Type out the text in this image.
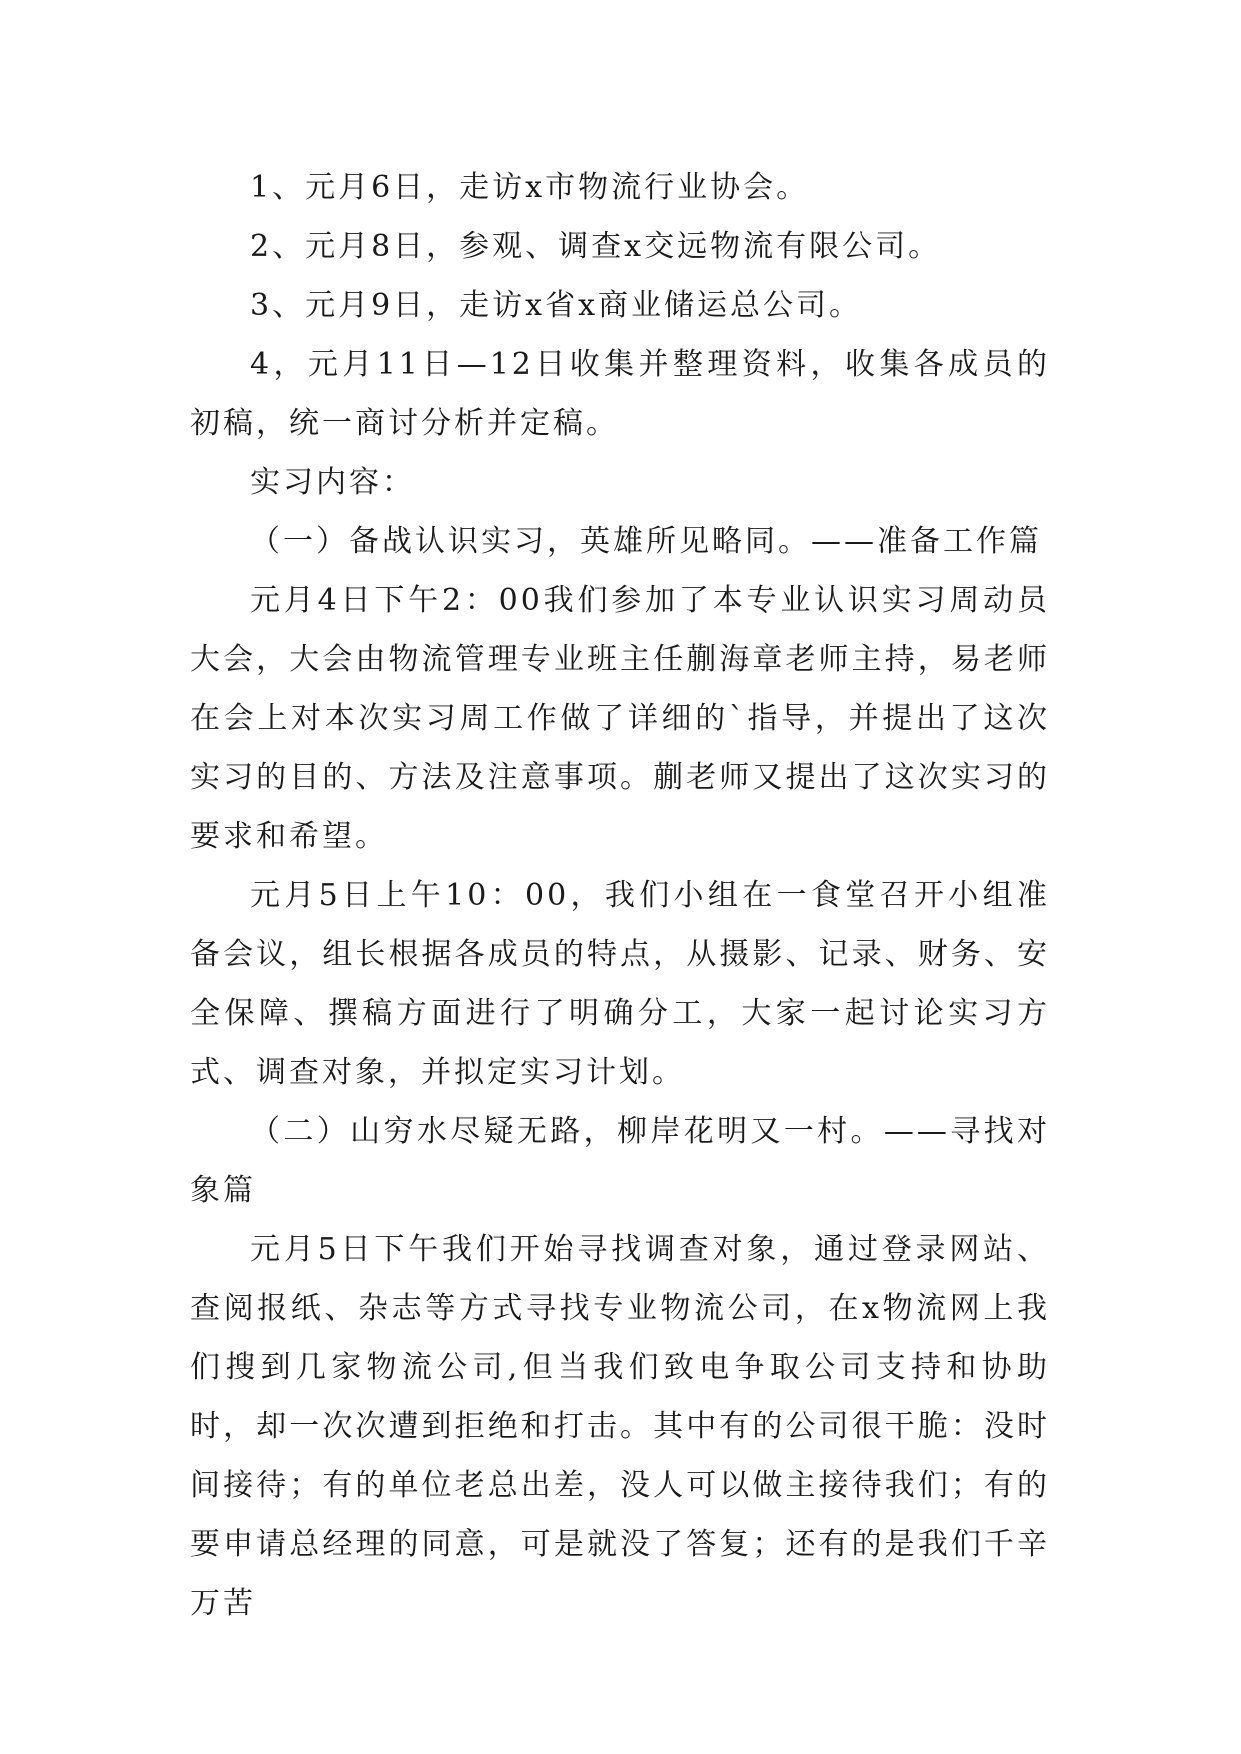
1、元月6日，走访x市物流行业协会。

2、元月8日，参观、调查x交远物流有限公司。

3、元月9日，走访x省x商业储运总公司。

4，元月11日—12日收集并整理资料，收集各成员的初稿，统一商讨分析并定稿。

实习内容：

（一）备战认识实习，英雄所见略同。——准备工作篇

元月4日下午2：00我们参加了本专业认识实习周动员大会，大会由物流管理专业班主任蒯海章老师主持，易老师在会上对本次实习周工作做了详细的`指导，并提出了这次实习的目的、方法及注意事项。蒯老师又提出了这次实习的要求和希望。

元月5日上午10：00，我们小组在一食堂召开小组准备会议，组长根据各成员的特点，从摄影、记录、财务、安全保障、撰稿方面进行了明确分工，大家一起讨论实习方式、调查对象，并拟定实习计划。

（二）山穷水尽疑无路，柳岸花明又一村。——寻找对象篇

元月5日下午我们开始寻找调查对象，通过登录网站、查阅报纸、杂志等方式寻找专业物流公司，在x物流网上我们搜到几家物流公司,但当我们致电争取公司支持和协助时，却一次次遭到拒绝和打击。其中有的公司很干脆：没时间接待；有的单位老总出差，没人可以做主接待我们；有的要申请总经理的同意，可是就没了答复；还有的是我们千辛万苦
